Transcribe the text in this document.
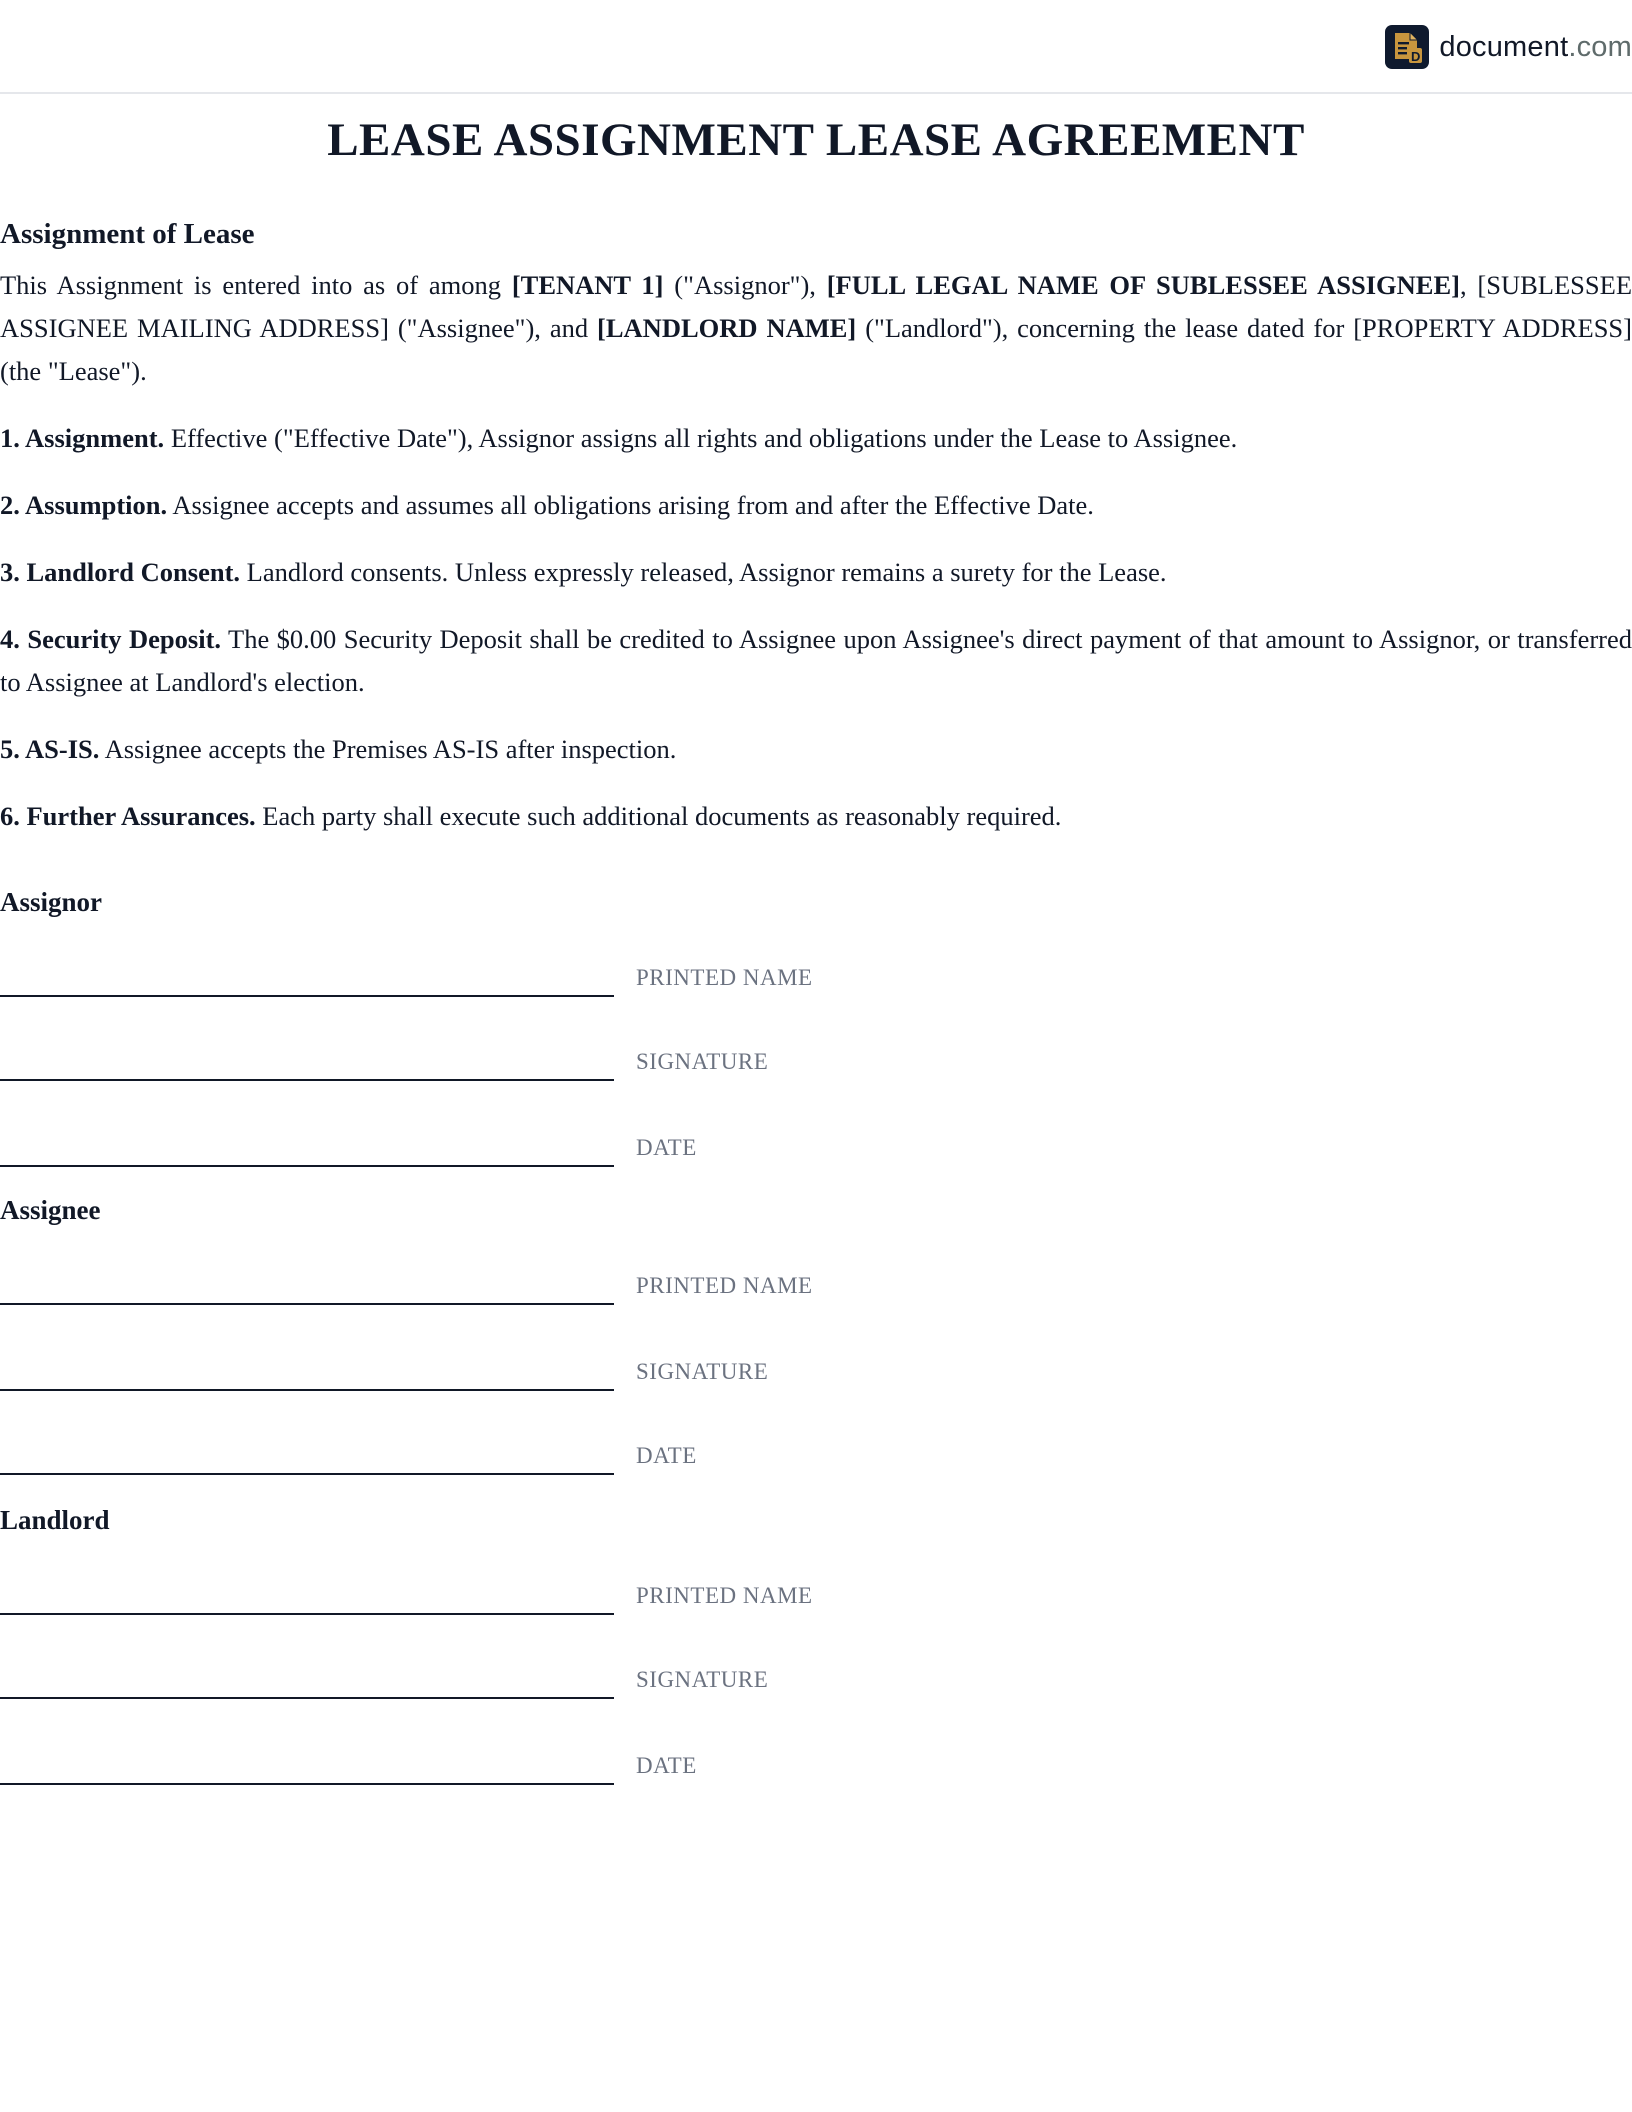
D document.com
LEASE ASSIGNMENT LEASE AGREEMENT
Assignment of Lease

This Assignment is entered into as of among [TENANT 1] ("Assignor"), [FULL LEGAL NAME OF SUBLESSEE ASSIGNEE], [SUBLESSEE ASSIGNEE MAILING ADDRESS] ("Assignee"), and [LANDLORD NAME] ("Landlord"), concerning the lease dated for [PROPERTY ADDRESS] (the "Lease").

1. Assignment. Effective ("Effective Date"), Assignor assigns all rights and obligations under the Lease to Assignee.

2. Assumption. Assignee accepts and assumes all obligations arising from and after the Effective Date.

3. Landlord Consent. Landlord consents. Unless expressly released, Assignor remains a surety for the Lease.

4. Security Deposit. The $0.00 Security Deposit shall be credited to Assignee upon Assignee's direct payment of that amount to Assignor, or transferred to Assignee at Landlord's election.

5. AS-IS. Assignee accepts the Premises AS-IS after inspection.

6. Further Assurances. Each party shall execute such additional documents as reasonably required.

Assignor
PRINTED NAME
SIGNATURE
DATE
Assignee
PRINTED NAME
SIGNATURE
DATE
Landlord
PRINTED NAME
SIGNATURE
DATE
